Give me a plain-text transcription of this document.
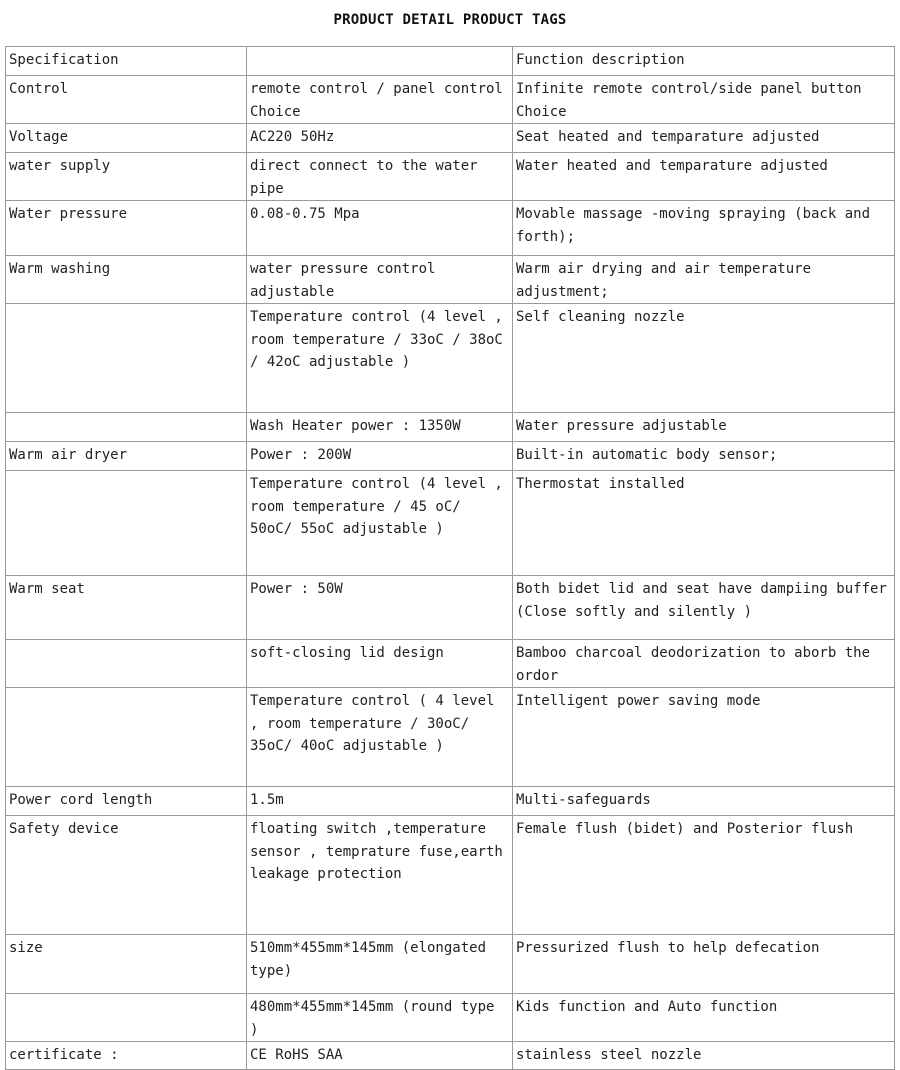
PRODUCT DETAIL PRODUCT TAGS
Specification		Function description
Control	remote control / panel control Choice	Infinite remote control/side panel button Choice
Voltage	AC220 50Hz	Seat heated and temparature adjusted
water supply	direct connect to the water pipe	Water heated and temparature adjusted
Water pressure	0.08-0.75 Mpa	Movable massage -moving spraying (back and forth);
Warm washing	water pressure control adjustable	Warm air drying and air temperature adjustment;
	Temperature control (4 level , room temperature / 33oC / 38oC / 42oC adjustable )	Self cleaning nozzle
	Wash Heater power : 1350W	Water pressure adjustable
Warm air dryer	Power : 200W	Built-in automatic body sensor;
	Temperature control (4 level , room temperature / 45 oC/ 50oC/ 55oC adjustable )	Thermostat installed
Warm seat	Power : 50W	Both bidet lid and seat have dampiing buffer (Close softly and silently )
	soft-closing lid design	Bamboo charcoal deodorization to aborb the ordor
	Temperature control ( 4 level , room temperature / 30oC/ 35oC/ 40oC adjustable )	Intelligent power saving mode
Power cord length	1.5m	Multi-safeguards
Safety device	floating switch ,temperature sensor , temprature fuse,earth leakage protection	Female flush (bidet) and Posterior flush
size	510mm*455mm*145mm (elongated type)	Pressurized flush to help defecation
	480mm*455mm*145mm (round type )	Kids function and Auto function
certificate :	CE RoHS SAA	stainless steel nozzle
